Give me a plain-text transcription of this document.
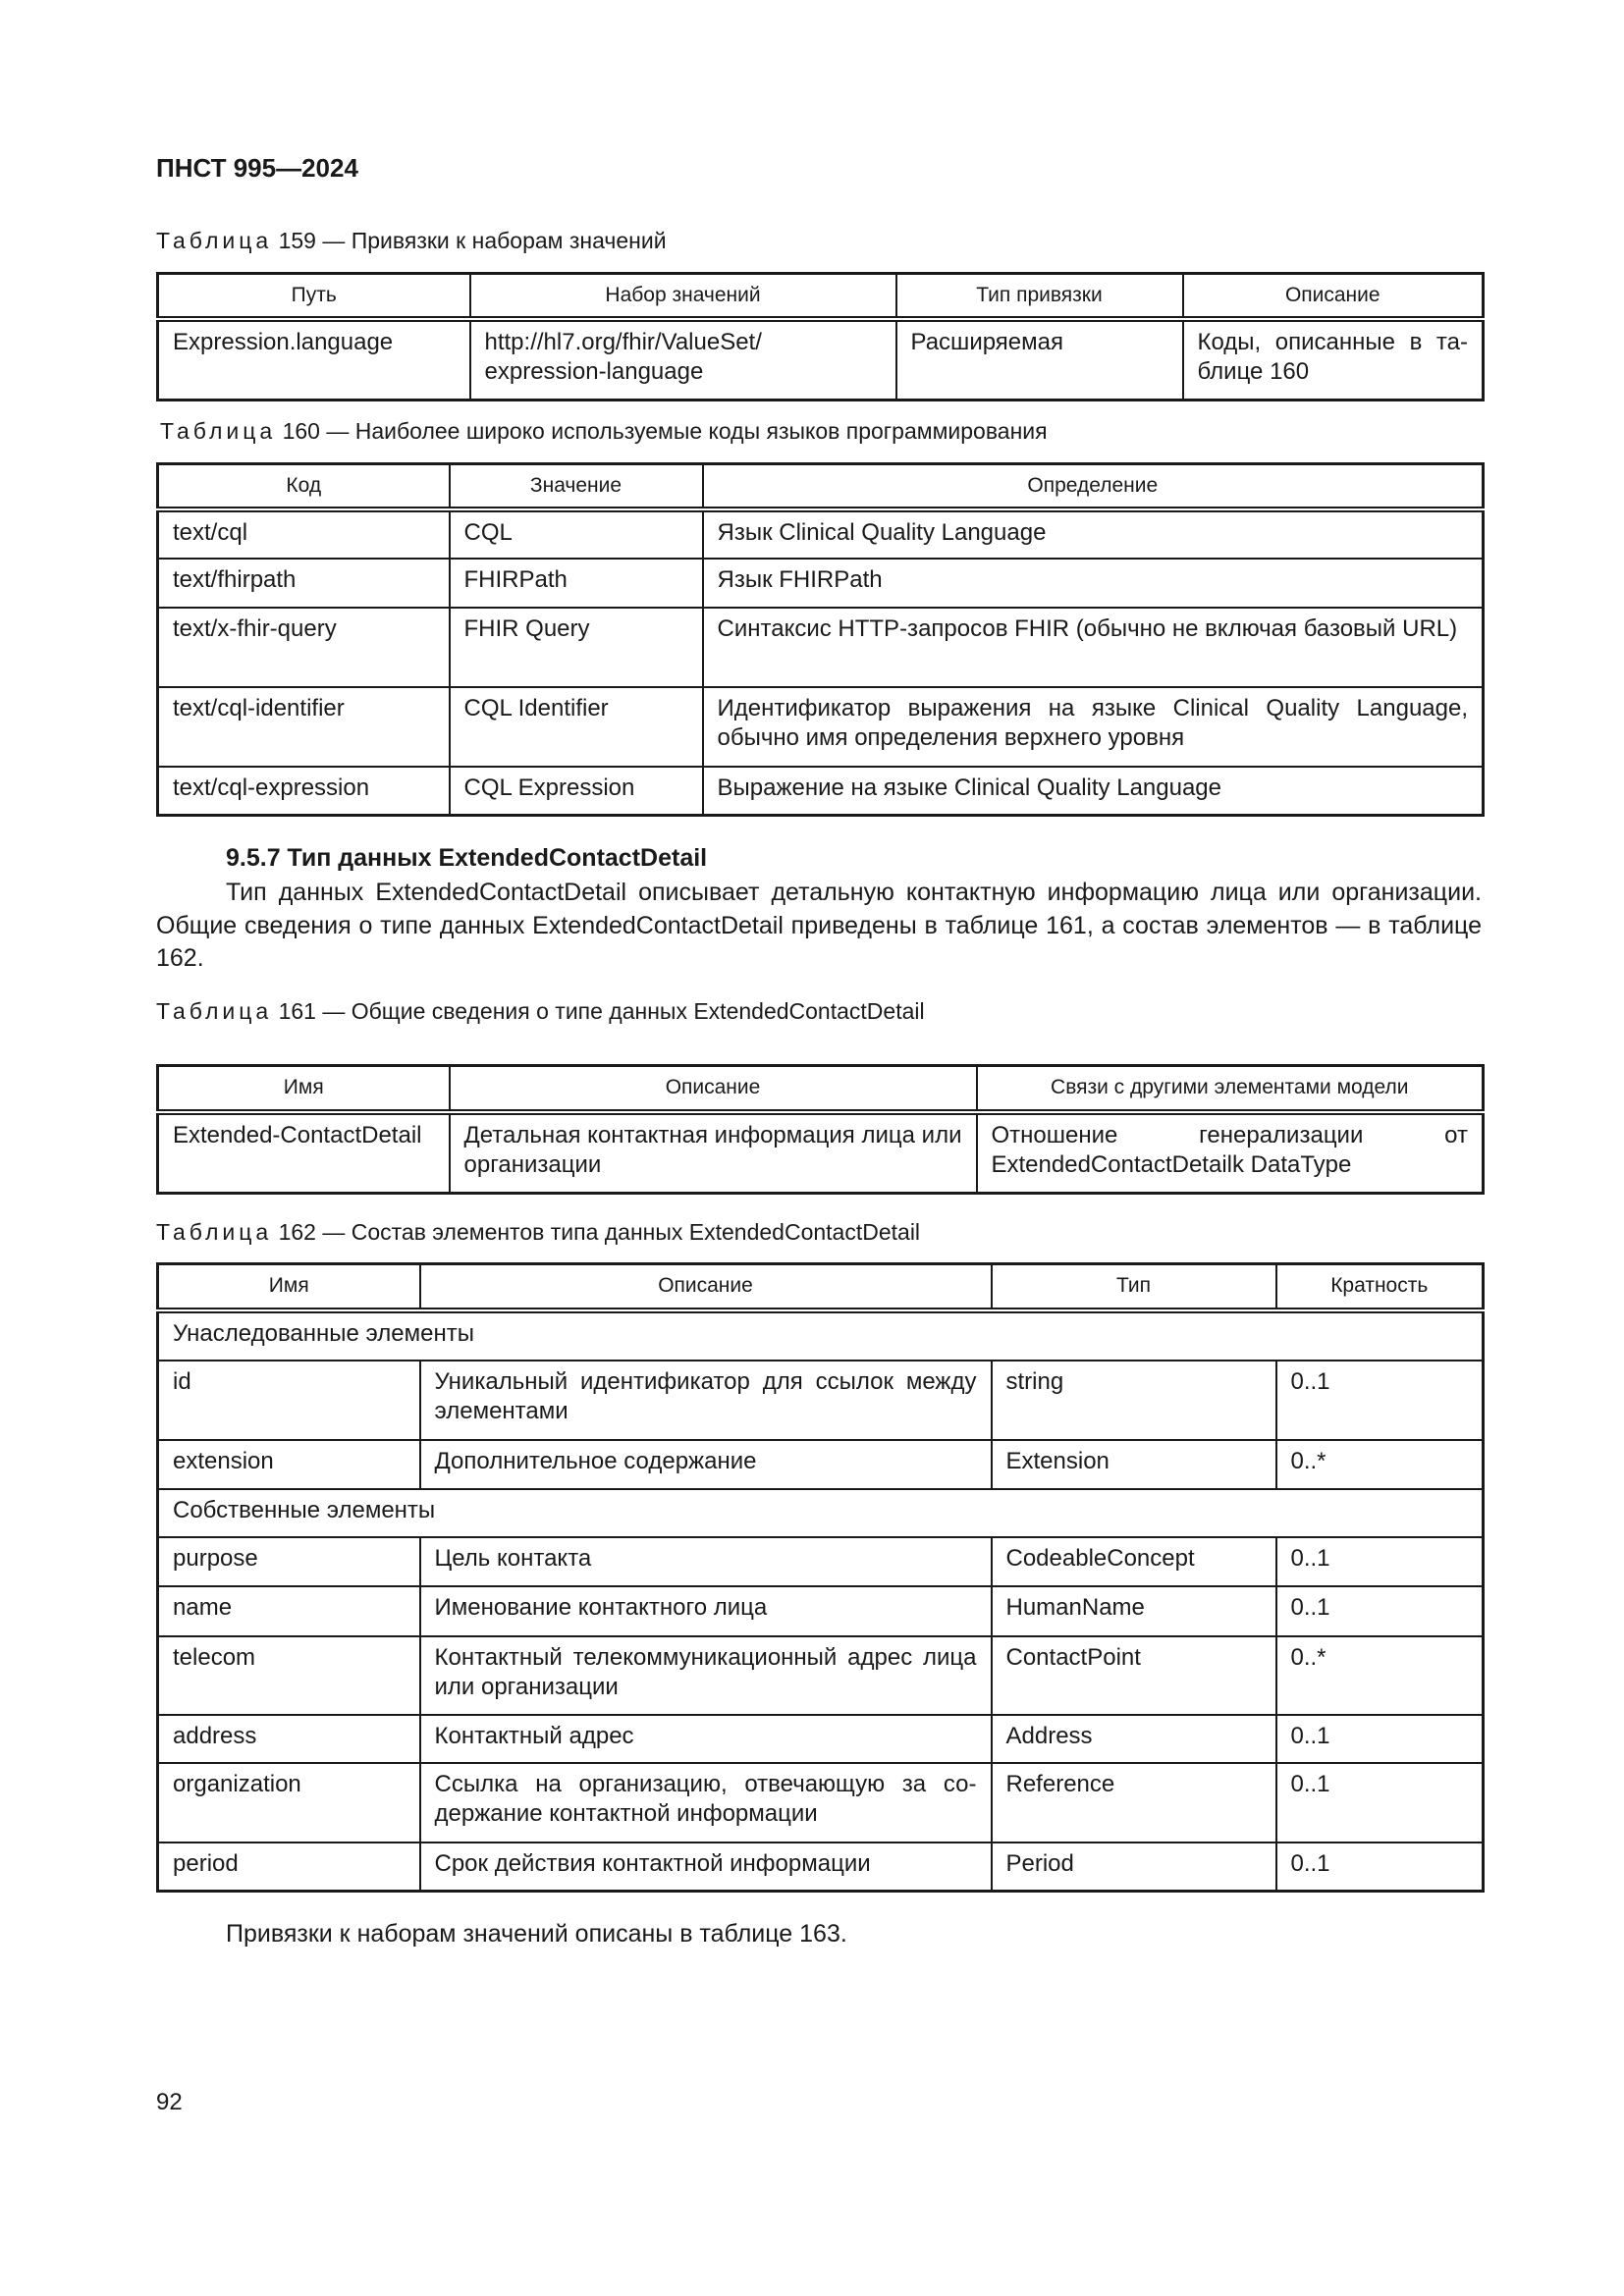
ПНСТ 995—2024
Таблица 159 — Привязки к наборам значений
Путь	Набор значений	Тип привязки	Описание
Expression.language	http://hl7.org/fhir/ValueSet/ expression-language	Расширяемая	Коды, описанные в таблице 160
Таблица 160 — Наиболее широко используемые коды языков программирования
Код	Значение	Определение
text/cql	CQL	Язык Clinical Quality Language
text/fhirpath	FHIRPath	Язык FHIRPath
text/x-fhir-query	FHIR Query	Синтаксис HTTP-запросов FHIR (обычно не включая базовый URL)
text/cql-identifier	CQL Identifier	Идентификатор выражения на языке Clinical Quality Language, обычно имя определения верхнего уровня
text/cql-expression	CQL Expression	Выражение на языке Clinical Quality Language
9.5.7 Тип данных ExtendedContactDetail
Тип данных ExtendedContactDetail описывает детальную контактную информацию лица или организации. Общие сведения о типе данных ExtendedContactDetail приведены в таблице 161, а состав элементов — в таблице 162.
Таблица 161 — Общие сведения о типе данных ExtendedContactDetail
Имя	Описание	Связи с другими элементами модели
Extended-ContactDetail	Детальная контактная информация лица или организации	Отношение генерализации от ExtendedContactDetailk DataType
Таблица 162 — Состав элементов типа данных ExtendedContactDetail
Имя	Описание	Тип	Кратность
Унаследованные элементы			
id	Уникальный идентификатор для ссылок между элементами	string	0..1
extension	Дополнительное содержание	Extension	0..*
Собственные элементы			
purpose	Цель контакта	CodeableConcept	0..1
name	Именование контактного лица	HumanName	0..1
telecom	Контактный телекоммуникационный адрес лица или организации	ContactPoint	0..*
address	Контактный адрес	Address	0..1
organization	Ссылка на организацию, отвечающую за содержание контактной информации	Reference	0..1
period	Срок действия контактной информации	Period	0..1
Привязки к наборам значений описаны в таблице 163.
92
